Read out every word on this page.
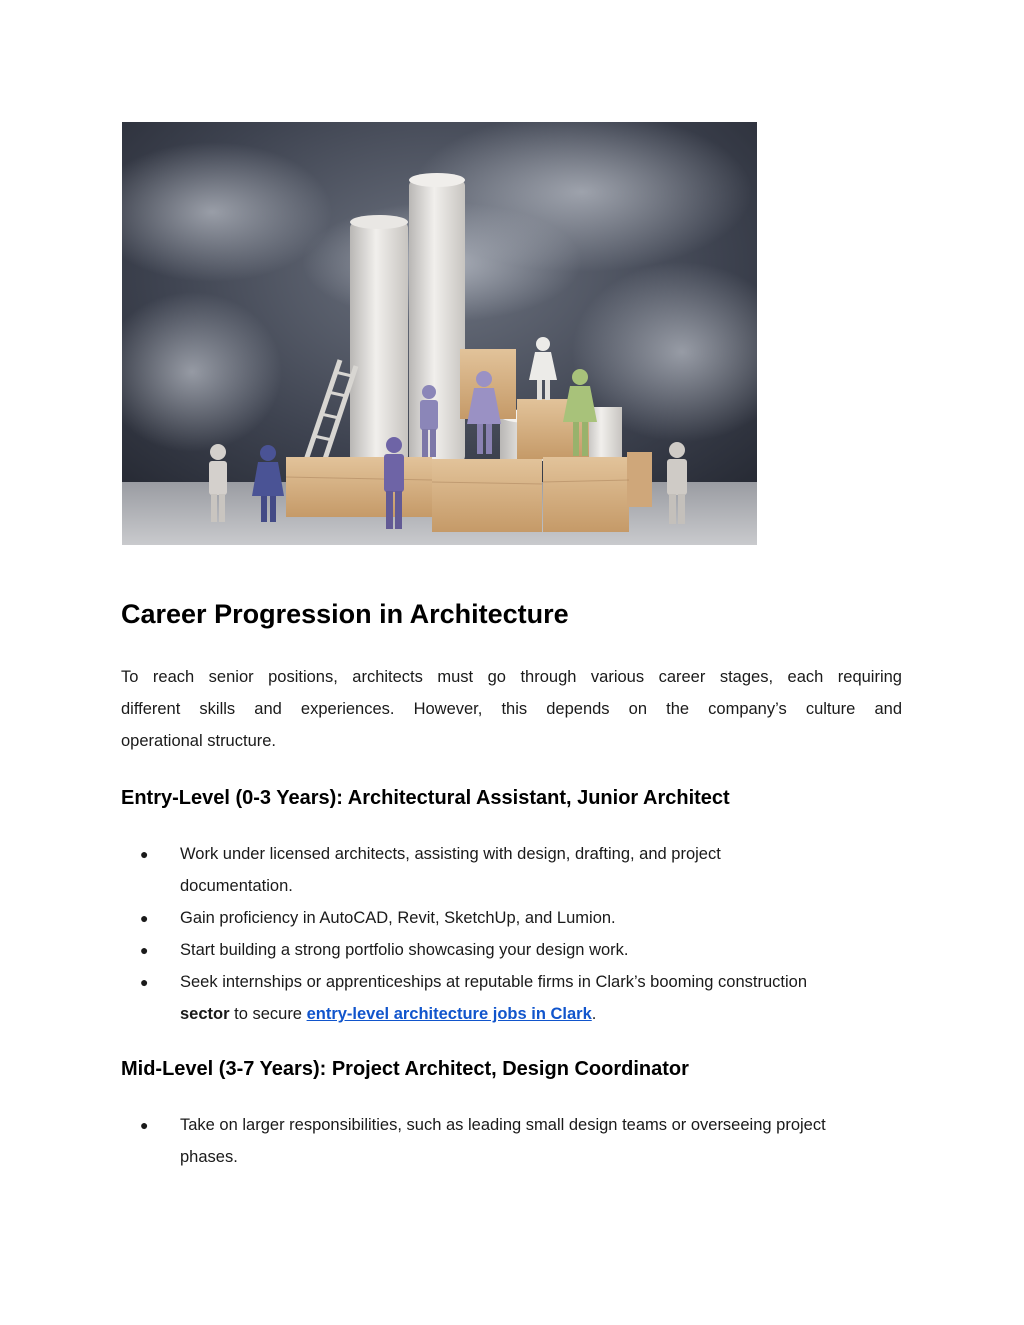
Career Progression in Architecture

To reach senior positions, architects must go through various career stages, each requiring
different skills and experiences. However, this depends on the company’s culture and
operational structure.

Entry-Level (0-3 Years): Architectural Assistant, Junior Architect
● Work under licensed architects, assisting with design, drafting, and project
documentation.
● Gain proficiency in AutoCAD, Revit, SketchUp, and Lumion.
● Start building a strong portfolio showcasing your design work.
● Seek internships or apprenticeships at reputable firms in Clark’s booming construction
sector to secure entry-level architecture jobs in Clark.
Mid-Level (3-7 Years): Project Architect, Design Coordinator
● Take on larger responsibilities, such as leading small design teams or overseeing project
phases.
